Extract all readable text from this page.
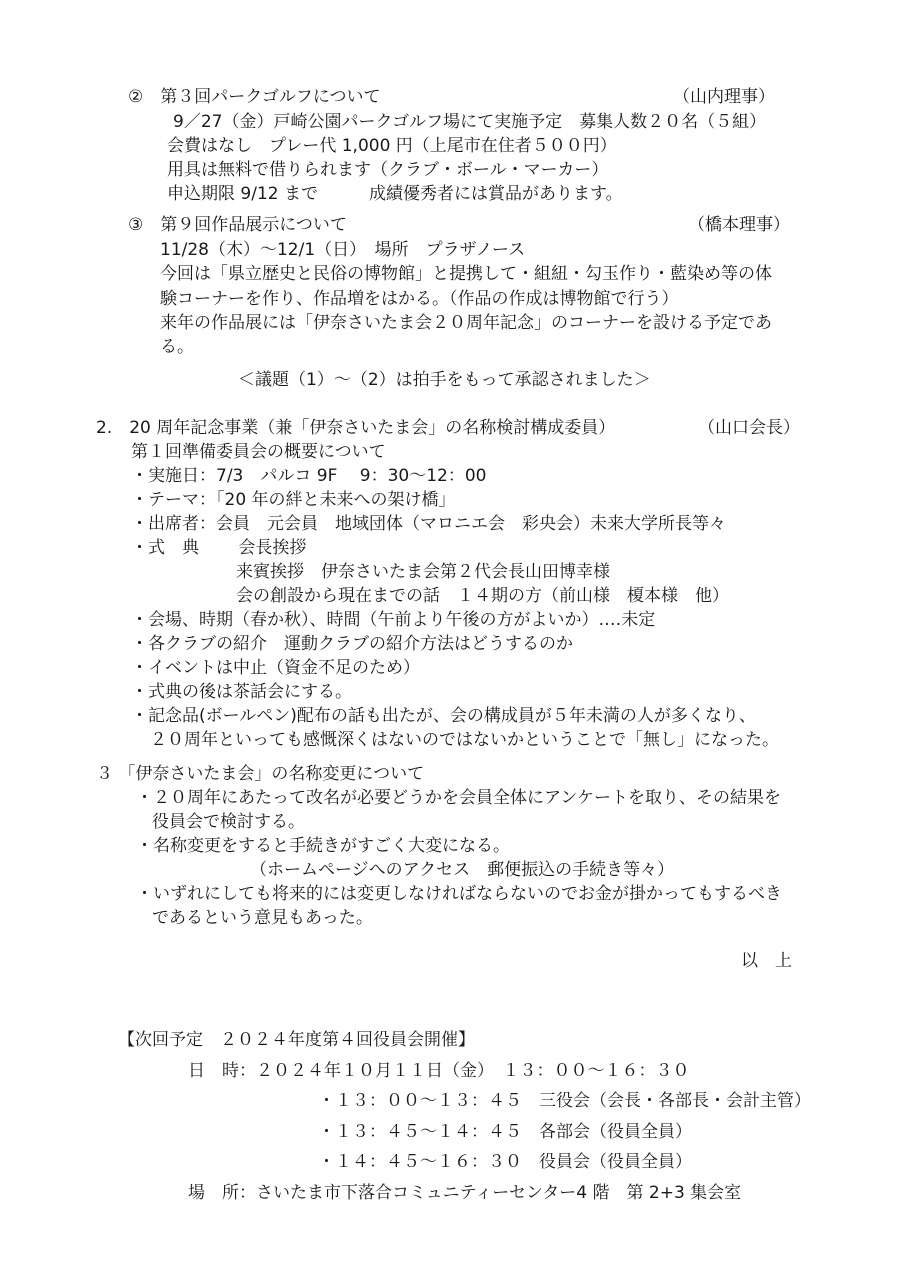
②　第３回パークゴルフについて	（山内理事）
9／27（金）戸崎公園パークゴルフ場にて実施予定　募集人数２０名（５組）
会費はなし　プレー代 1,000 円（上尾市在住者５００円）
用具は無料で借りられます（クラブ・ボール・マーカー）
申込期限 9/12 まで　　　成績優秀者には賞品があります。
③　第９回作品展示について	（橋本理事）
11/28（木）～12/1（日）　場所　プラザノース
今回は「県立歴史と民俗の博物館」と提携して・組紐・勾玉作り・藍染め等の体
験コーナーを作り、作品増をはかる。（作品の作成は博物館で行う）
来年の作品展には「伊奈さいたま会２０周年記念」のコーナーを設ける予定であ
る。
＜議題（1）～（2）は拍手をもって承認されました＞
2.　20 周年記念事業（兼「伊奈さいたま会」の名称検討構成委員）	（山口会長）
第１回準備委員会の概要について
・実施日：7/3　パルコ 9F　 9：30～12：00
・テーマ：「20 年の絆と未来への架け橋」
・出席者：会員　元会員　地域団体（マロニエ会　彩央会）未来大学所長等々
・式　典　　 会長挨拶
来賓挨拶　伊奈さいたま会第２代会長山田博幸様
会の創設から現在までの話　１４期の方（前山様　榎本様　他）
・会場、時期（春か秋）、時間（午前より午後の方がよいか）‥‥未定
・各クラブの紹介　運動クラブの紹介方法はどうするのか
・イベントは中止（資金不足のため）
・式典の後は茶話会にする。
・記念品(ボールペン)配布の話も出たが、会の構成員が５年未満の人が多くなり、
２０周年といっても感慨深くはないのではないかということで「無し」になった。
３ 「伊奈さいたま会」の名称変更について
・２０周年にあたって改名が必要どうかを会員全体にアンケートを取り、その結果を
役員会で検討する。
・名称変更をすると手続きがすごく大変になる。
（ホームページへのアクセス　郵便振込の手続き等々）
・いずれにしても将来的には変更しなければならないのでお金が掛かってもするべき
であるという意見もあった。
以　上
【次回予定　２０２４年度第４回役員会開催】
日　時：２０２４年１０月１１日（金）　１３：００～１６：３０
・１３：００～１３：４５　三役会（会長・各部長・会計主管）
・１３：４５～１４：４５　各部会（役員全員）
・１４：４５～１６：３０　役員会（役員全員）
場　所：さいたま市下落合コミュニティーセンター4 階　第 2+3 集会室
